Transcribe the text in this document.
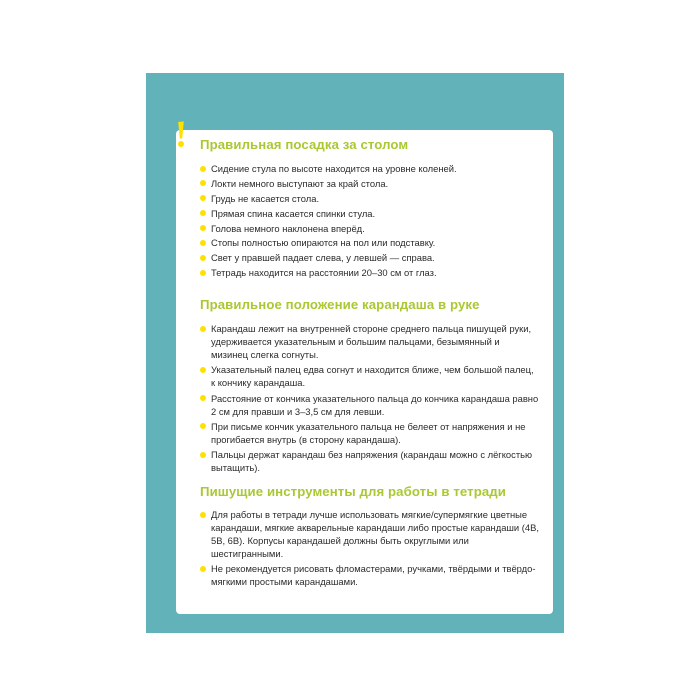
Правильная посадка за столом
Сидение стула по высоте находится на уровне коленей.
Локти немного выступают за край стола.
Грудь не касается стола.
Прямая спина касается спинки стула.
Голова немного наклонена вперёд.
Стопы полностью опираются на пол или подставку.
Свет у правшей падает слева, у левшей — справа.
Тетрадь находится на расстоянии 20–30 см от глаз.
Правильное положение карандаша в руке
Карандаш лежит на внутренней стороне среднего пальца пишущей руки, удерживается указательным и большим пальцами, безымянный и мизинец слегка согнуты.
Указательный палец едва согнут и находится ближе, чем большой палец, к кончику карандаша.
Расстояние от кончика указательного пальца до кончика карандаша равно 2 см для правши и 3–3,5 см для левши.
При письме кончик указательного пальца не белеет от напряжения и не прогибается внутрь (в сторону карандаша).
Пальцы держат карандаш без напряжения (карандаш можно с лёгкостью вытащить).
Пишущие инструменты для работы в тетради
Для работы в тетради лучше использовать мягкие/супермягкие цветные карандаши, мягкие акварельные карандаши либо простые карандаши (4B, 5B, 6B). Корпусы карандашей должны быть округлыми или шестигранными.
Не рекомендуется рисовать фломастерами, ручками, твёрдыми и твёрдо-мягкими простыми карандашами.
